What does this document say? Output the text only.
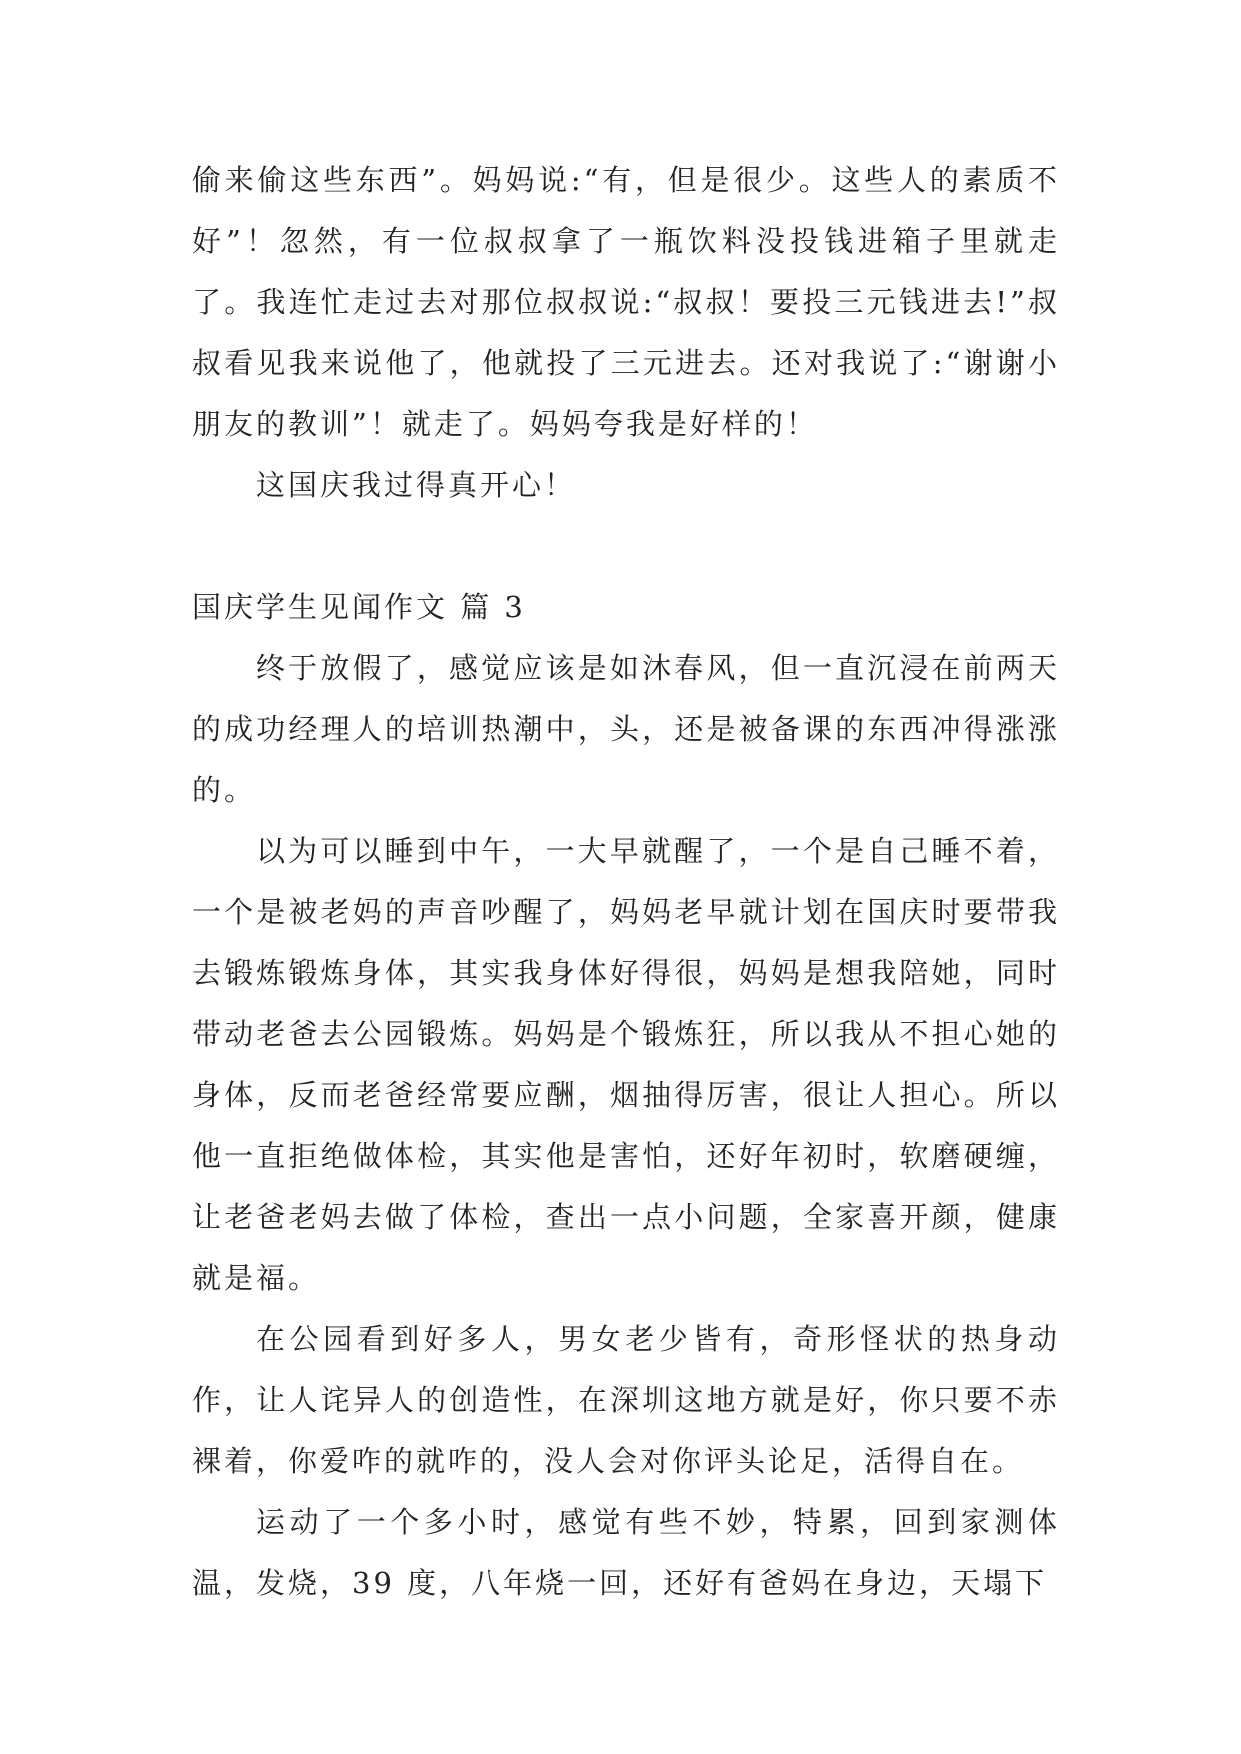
偷来偷这些东西”。妈妈说:“有，但是很少。这些人的素质不好”！忽然，有一位叔叔拿了一瓶饮料没投钱进箱子里就走了。我连忙走过去对那位叔叔说:“叔叔！要投三元钱进去!”叔叔看见我来说他了，他就投了三元进去。还对我说了:“谢谢小朋友的教训”！就走了。妈妈夸我是好样的！

这国庆我过得真开心！

国庆学生见闻作文 篇 3

终于放假了，感觉应该是如沐春风，但一直沉浸在前两天的成功经理人的培训热潮中，头，还是被备课的东西冲得涨涨的。

以为可以睡到中午，一大早就醒了，一个是自己睡不着，一个是被老妈的声音吵醒了，妈妈老早就计划在国庆时要带我去锻炼锻炼身体，其实我身体好得很，妈妈是想我陪她，同时带动老爸去公园锻炼。妈妈是个锻炼狂，所以我从不担心她的身体，反而老爸经常要应酬，烟抽得厉害，很让人担心。所以他一直拒绝做体检，其实他是害怕，还好年初时，软磨硬缠，让老爸老妈去做了体检，查出一点小问题，全家喜开颜，健康就是福。

在公园看到好多人，男女老少皆有，奇形怪状的热身动作，让人诧异人的创造性，在深圳这地方就是好，你只要不赤裸着，你爱咋的就咋的，没人会对你评头论足，活得自在。

运动了一个多小时，感觉有些不妙，特累，回到家测体温，发烧，39 度，八年烧一回，还好有爸妈在身边，天塌下
